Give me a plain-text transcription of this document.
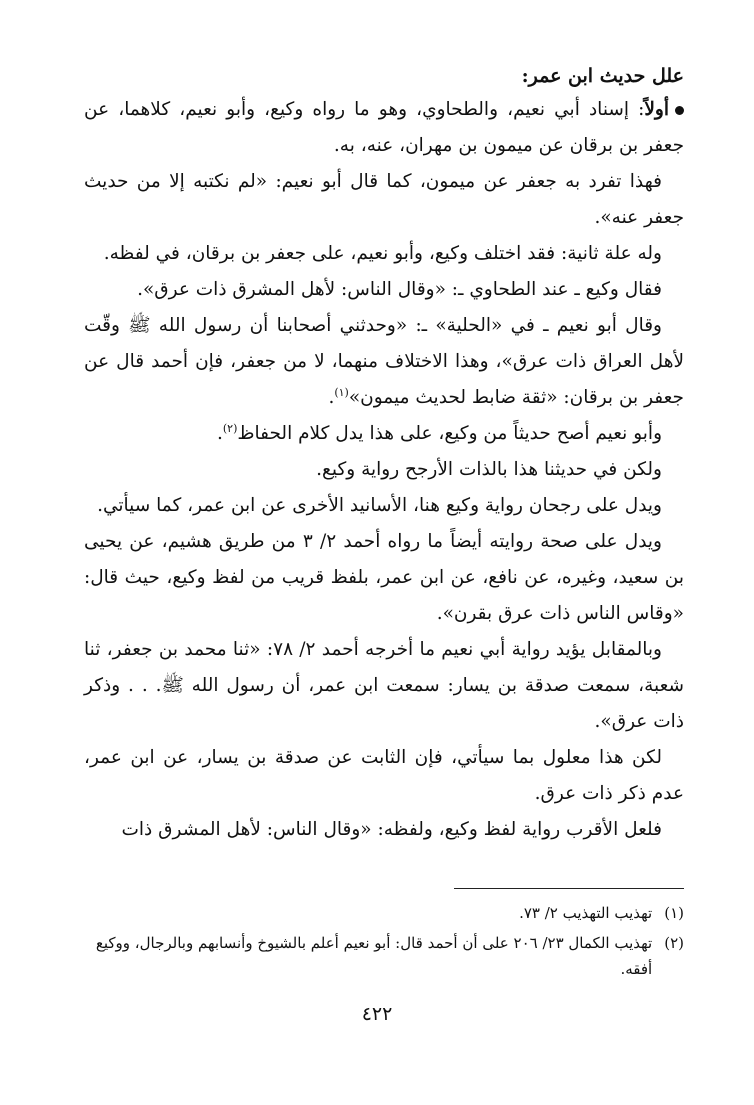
علل حديث ابن عمر:

أولاً: إسناد أبي نعيم، والطحاوي، وهو ما رواه وكيع، وأبو نعيم، كلاهما، عن جعفر بن برقان عن ميمون بن مهران، عنه، به.

فهذا تفرد به جعفر عن ميمون، كما قال أبو نعيم: «لم نكتبه إلا من حديث جعفر عنه».

وله علة ثانية: فقد اختلف وكيع، وأبو نعيم، على جعفر بن برقان، في لفظه.

فقال وكيع ـ عند الطحاوي ـ: «وقال الناس: لأهل المشرق ذات عرق».

وقال أبو نعيم ـ في «الحلية» ـ: «وحدثني أصحابنا أن رسول الله ﷺ وقّت لأهل العراق ذات عرق»، وهذا الاختلاف منهما، لا من جعفر، فإن أحمد قال عن جعفر بن برقان: «ثقة ضابط لحديث ميمون»$^{(١)}$.

وأبو نعيم أصح حديثاً من وكيع، على هذا يدل كلام الحفاظ$^{(٢)}$.

ولكن في حديثنا هذا بالذات الأرجح رواية وكيع.

ويدل على رجحان رواية وكيع هنا، الأسانيد الأخرى عن ابن عمر، كما سيأتي.

ويدل على صحة روايته أيضاً ما رواه أحمد ٢/ ٣ من طريق هشيم، عن يحيى بن سعيد، وغيره، عن نافع، عن ابن عمر، بلفظ قريب من لفظ وكيع، حيث قال: «وقاس الناس ذات عرق بقرن».

وبالمقابل يؤيد رواية أبي نعيم ما أخرجه أحمد ٢/ ٧٨: «ثنا محمد بن جعفر، ثنا شعبة، سمعت صدقة بن يسار: سمعت ابن عمر، أن رسول الله ﷺ. . . وذكر ذات عرق».

لكن هذا معلول بما سيأتي، فإن الثابت عن صدقة بن يسار، عن ابن عمر، عدم ذكر ذات عرق.

فلعل الأقرب رواية لفظ وكيع، ولفظه: «وقال الناس: لأهل المشرق ذات

(١)
تهذيب التهذيب ٢/ ٧٣.

(٢)
تهذيب الكمال ٢٣/ ٢٠٦ على أن أحمد قال: أبو نعيم أعلم بالشيوخ وأنسابهم وبالرجال، ووكيع أفقه.

٤٢٢
